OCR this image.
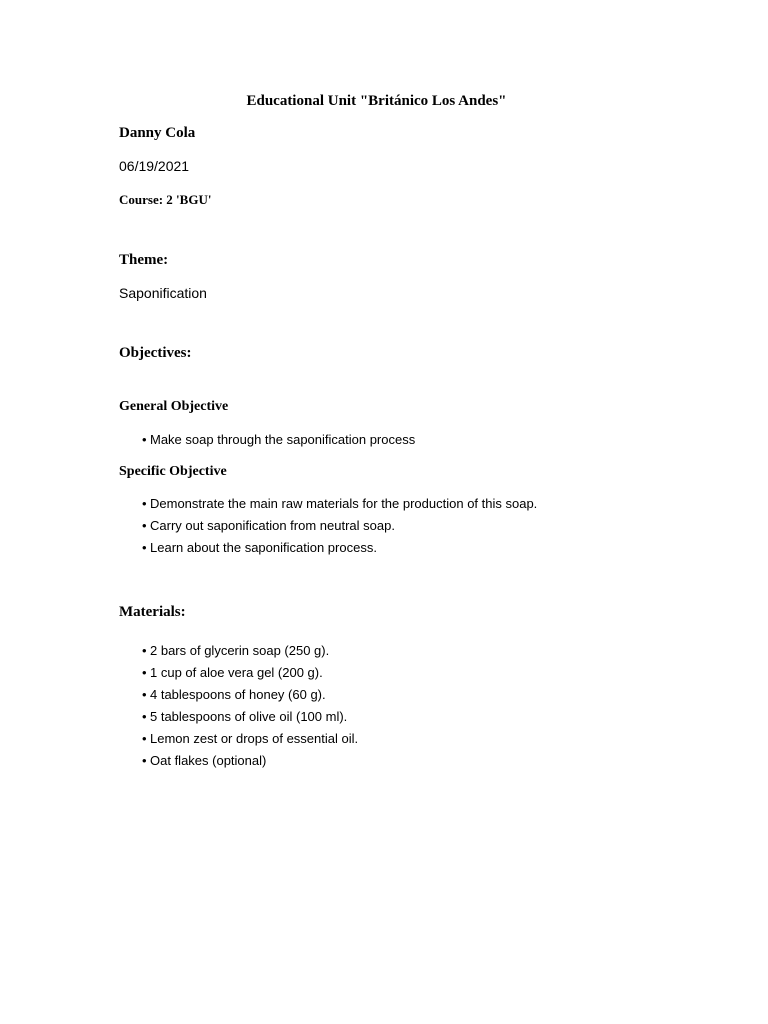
Educational Unit "Británico Los Andes"
Danny Cola
06/19/2021
Course: 2 'BGU'
Theme:
Saponification
Objectives:
General Objective
• Make soap through the saponification process
Specific Objective
• Demonstrate the main raw materials for the production of this soap.
• Carry out saponification from neutral soap.
• Learn about the saponification process.
Materials:
• 2 bars of glycerin soap (250 g).
• 1 cup of aloe vera gel (200 g).
• 4 tablespoons of honey (60 g).
• 5 tablespoons of olive oil (100 ml).
• Lemon zest or drops of essential oil.
• Oat flakes (optional)
